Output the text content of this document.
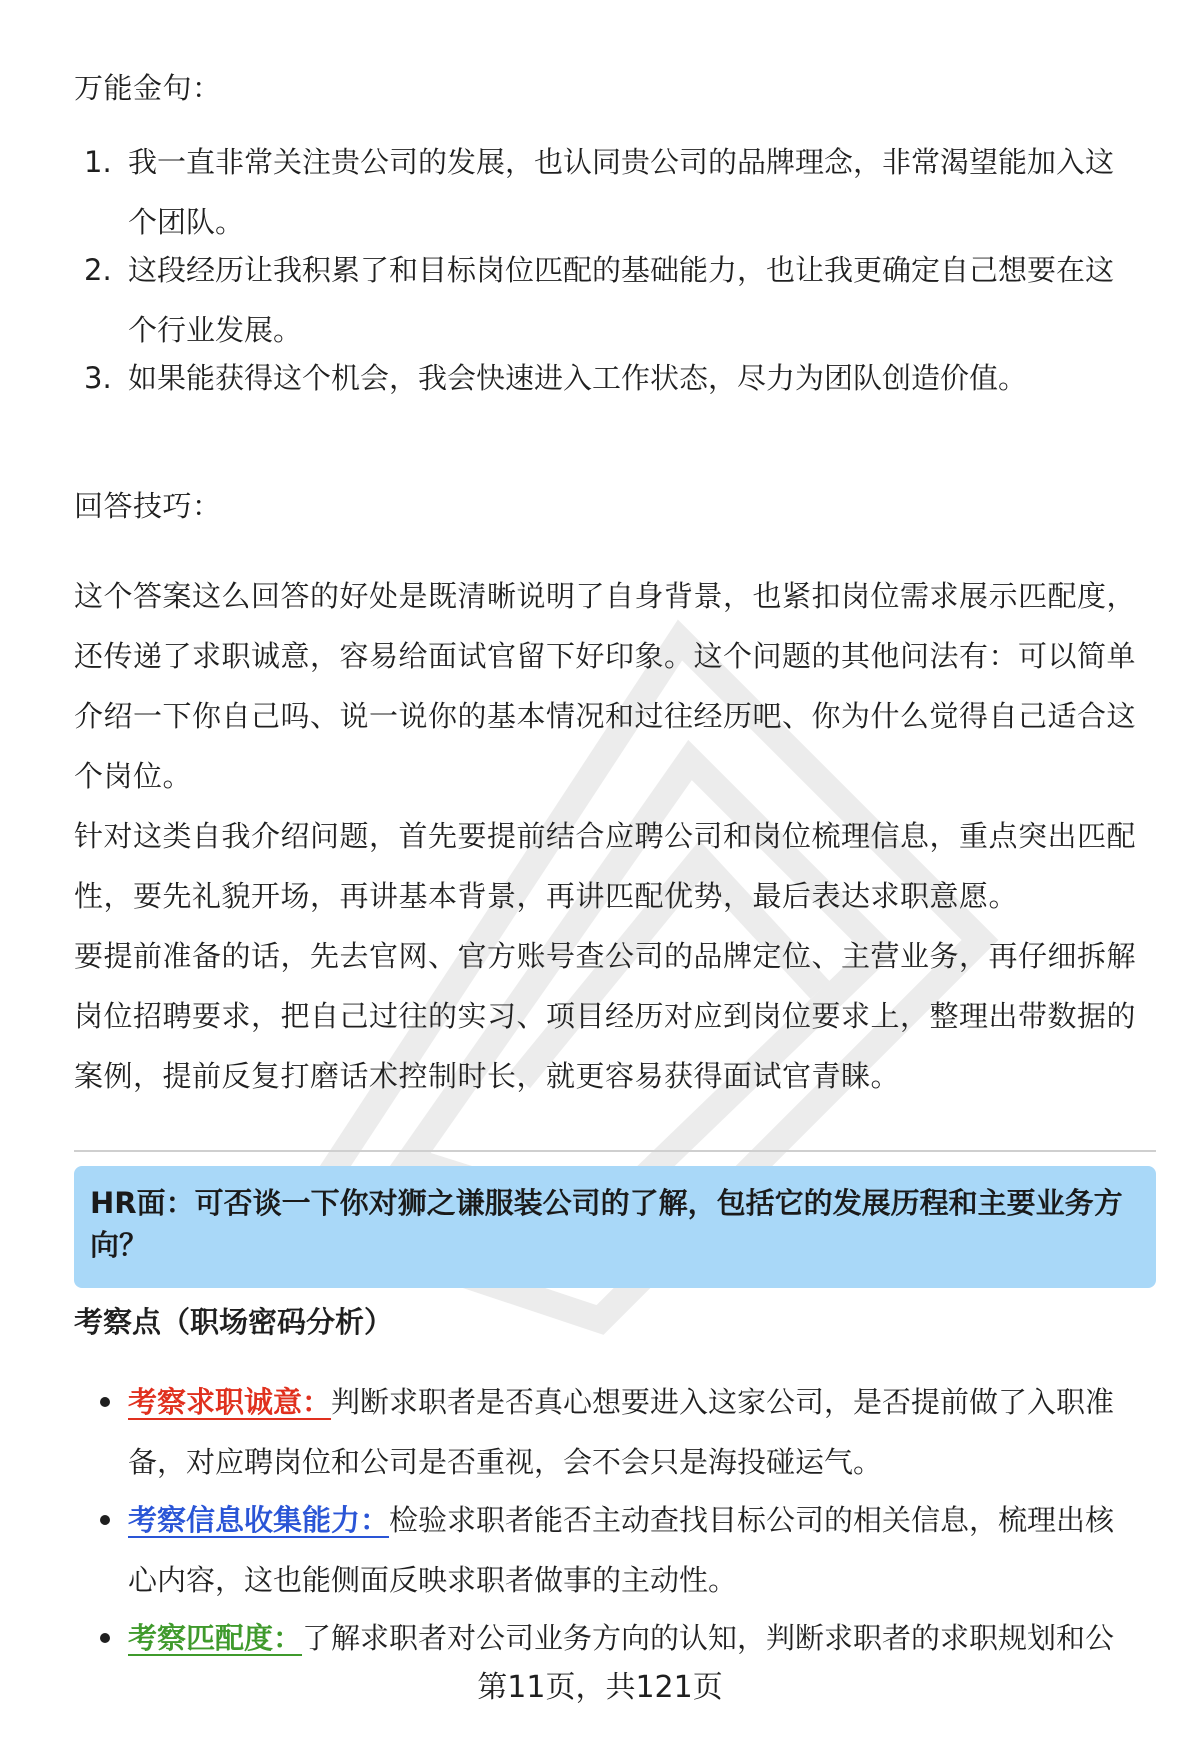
万能金句：
1. 我一直非常关注贵公司的发展，也认同贵公司的品牌理念，非常渴望能加入这个团队。
2. 这段经历让我积累了和目标岗位匹配的基础能力，也让我更确定自己想要在这个行业发展。
3. 如果能获得这个机会，我会快速进入工作状态，尽力为团队创造价值。
回答技巧：
这个答案这么回答的好处是既清晰说明了自身背景，也紧扣岗位需求展示匹配度，还传递了求职诚意，容易给面试官留下好印象。这个问题的其他问法有：可以简单介绍一下你自己吗、说一说你的基本情况和过往经历吧、你为什么觉得自己适合这个岗位。
针对这类自我介绍问题，首先要提前结合应聘公司和岗位梳理信息，重点突出匹配性，要先礼貌开场，再讲基本背景，再讲匹配优势，最后表达求职意愿。
要提前准备的话，先去官网、官方账号查公司的品牌定位、主营业务，再仔细拆解岗位招聘要求，把自己过往的实习、项目经历对应到岗位要求上，整理出带数据的案例，提前反复打磨话术控制时长，就更容易获得面试官青睐。
HR面：可否谈一下你对狮之谦服装公司的了解，包括它的发展历程和主要业务方向？
考察点（职场密码分析）
考察求职诚意：判断求职者是否真心想要进入这家公司，是否提前做了入职准备，对应聘岗位和公司是否重视，会不会只是海投碰运气。
考察信息收集能力：检验求职者能否主动查找目标公司的相关信息，梳理出核心内容，这也能侧面反映求职者做事的主动性。
考察匹配度：了解求职者对公司业务方向的认知，判断求职者的求职规划和公
第11页，共121页
